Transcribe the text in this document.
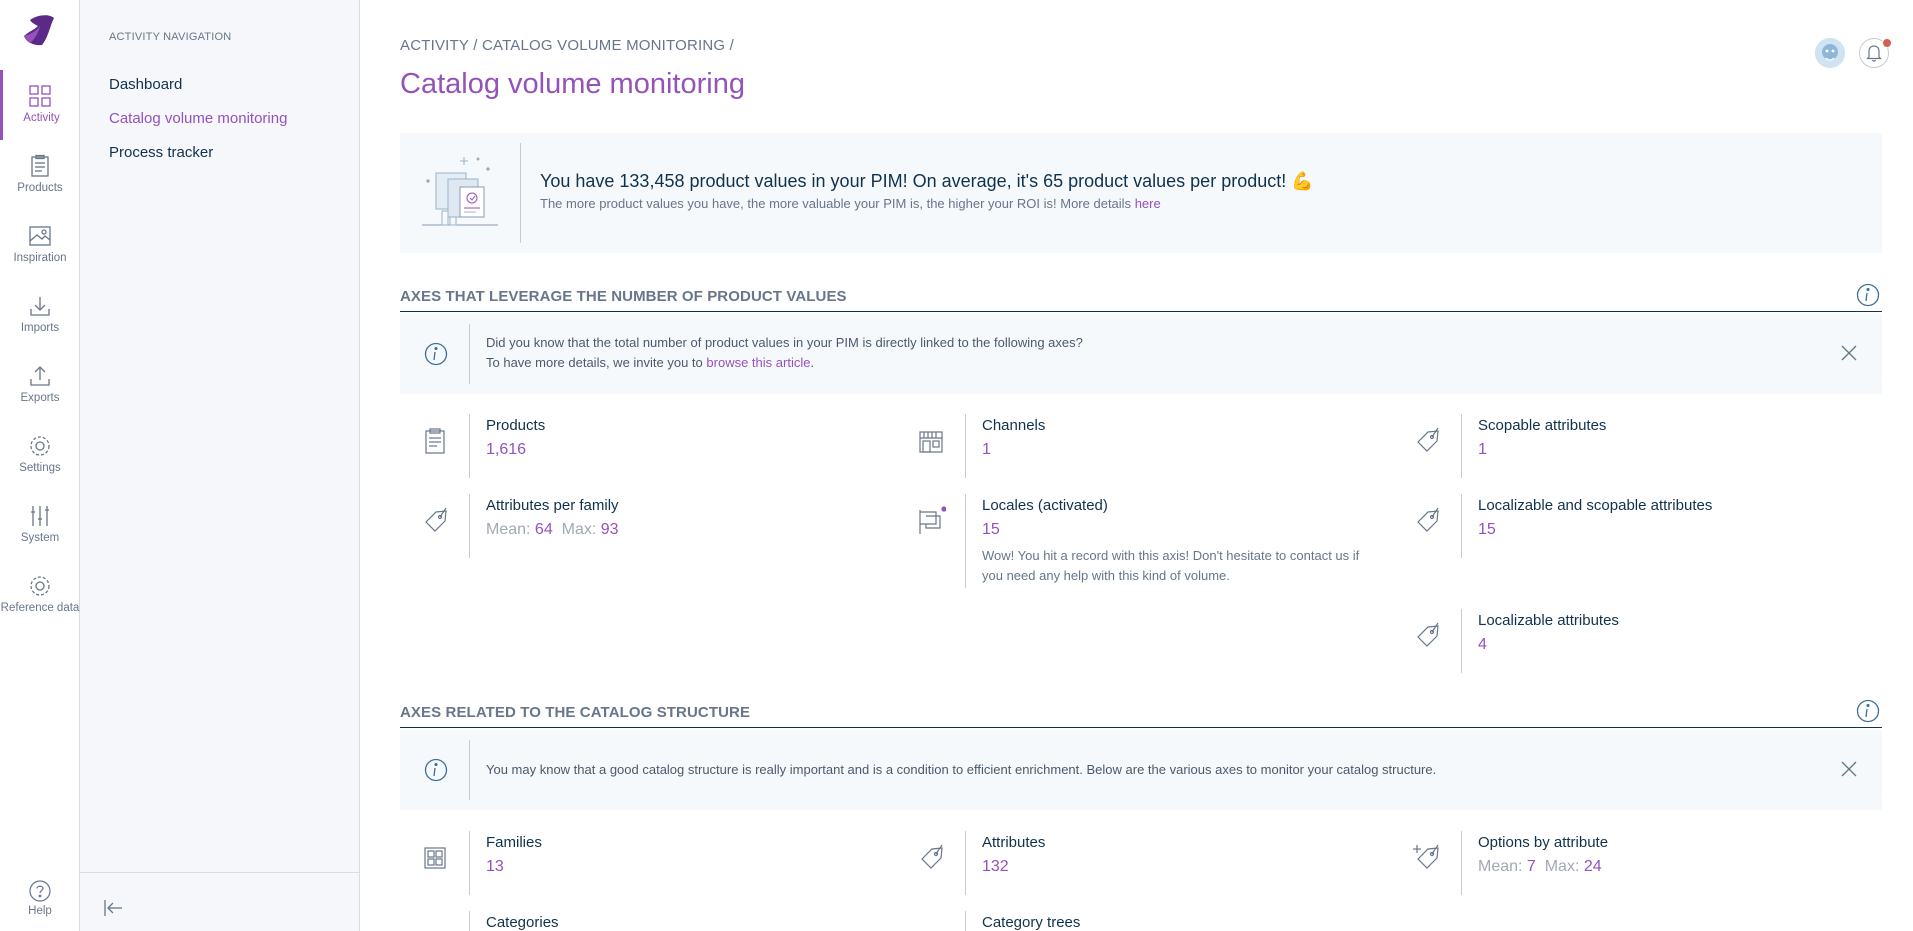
Activity
Products
Inspiration
Imports
Exports
Settings
System
Reference data
Help
ACTIVITY NAVIGATION
Dashboard
Catalog volume monitoring
Process tracker
ACTIVITY / CATALOG VOLUME MONITORING /
Catalog volume monitoring
You have 133,458 product values in your PIM! On average, it's 65 product values per product! 💪
The more product values you have, the more valuable your PIM is, the higher your ROI is! More details here
AXES THAT LEVERAGE THE NUMBER OF PRODUCT VALUES
Did you know that the total number of product values in your PIM is directly linked to the following axes?
To have more details, we invite you to browse this article.
Products
1,616
Channels
1
Scopable attributes
1
Attributes per family
Mean: 64 Max: 93
Locales (activated)
15
Wow! You hit a record with this axis! Don't hesitate to contact us if you need any help with this kind of volume.
Localizable and scopable attributes
15
Localizable attributes
4
AXES RELATED TO THE CATALOG STRUCTURE
You may know that a good catalog structure is really important and is a condition to efficient enrichment. Below are the various axes to monitor your catalog structure.
Families
13
Attributes
132
Options by attribute
Mean: 7 Max: 24
Categories	Category trees
